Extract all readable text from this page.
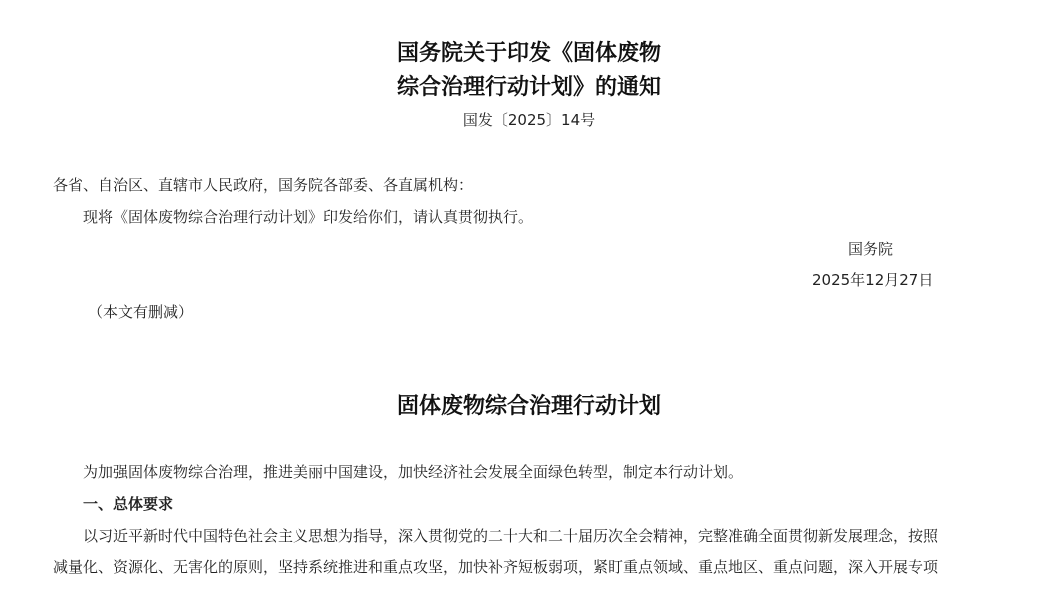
国务院关于印发《固体废物
综合治理行动计划》的通知
国发〔2025〕14号
各省、自治区、直辖市人民政府，国务院各部委、各直属机构：
现将《固体废物综合治理行动计划》印发给你们，请认真贯彻执行。
国务院
2025年12月27日
（本文有删减）
固体废物综合治理行动计划
为加强固体废物综合治理，推进美丽中国建设，加快经济社会发展全面绿色转型，制定本行动计划。
一、总体要求
以习近平新时代中国特色社会主义思想为指导，深入贯彻党的二十大和二十届历次全会精神，完整准确全面贯彻新发展理念，按照
减量化、资源化、无害化的原则，坚持系统推进和重点攻坚，加快补齐短板弱项，紧盯重点领域、重点地区、重点问题，深入开展专项
